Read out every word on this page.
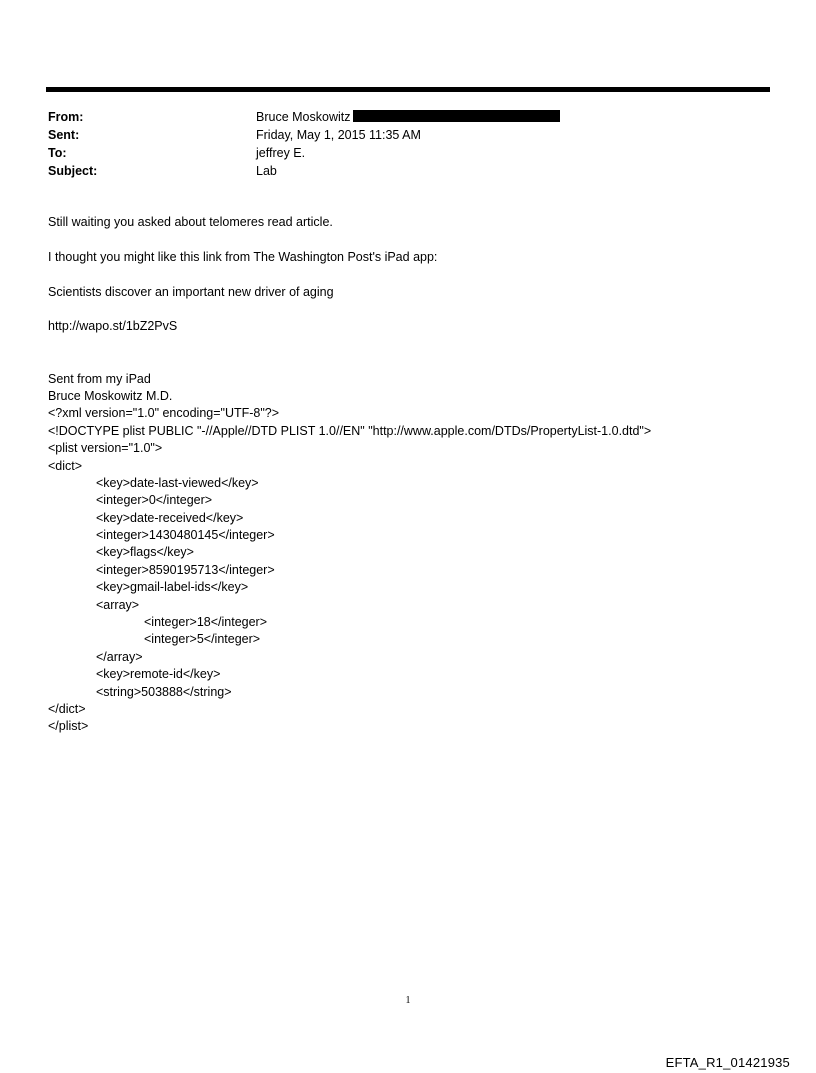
From:	Bruce Moskowitz
Sent:	Friday, May 1, 2015 11:35 AM
To:	jeffrey E.
Subject:	Lab

Still waiting you asked about telomeres read article.

I thought you might like this link from The Washington Post's iPad app:

Scientists discover an important new driver of aging

http://wapo.st/1bZ2PvS

Sent from my iPad
Bruce Moskowitz M.D.
<?xml version="1.0" encoding="UTF-8"?>
<!DOCTYPE plist PUBLIC "-//Apple//DTD PLIST 1.0//EN" "http://www.apple.com/DTDs/PropertyList-1.0.dtd">
<plist version="1.0">
<dict>
<key>date-last-viewed</key>
<integer>0</integer>
<key>date-received</key>
<integer>1430480145</integer>
<key>flags</key>
<integer>8590195713</integer>
<key>gmail-label-ids</key>
<array>
<integer>18</integer>
<integer>5</integer>
</array>
<key>remote-id</key>
<string>503888</string>
</dict>
</plist>
1
EFTA_R1_01421935
